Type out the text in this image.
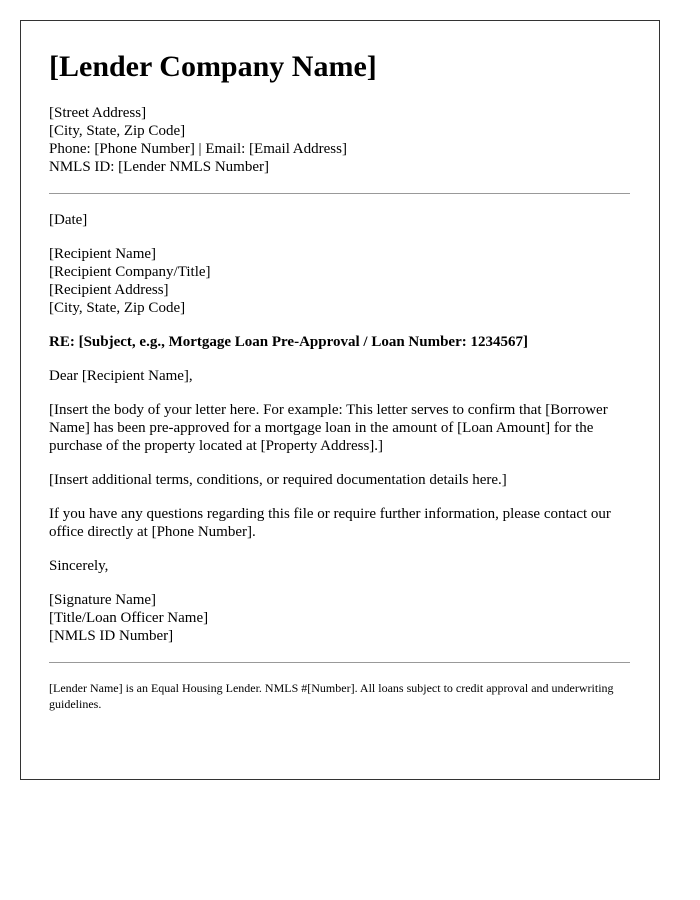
[Lender Company Name]
[Street Address]
[City, State, Zip Code]
Phone: [Phone Number] | Email: [Email Address]
NMLS ID: [Lender NMLS Number]

[Date]

[Recipient Name]
[Recipient Company/Title]
[Recipient Address]
[City, State, Zip Code]

RE: [Subject, e.g., Mortgage Loan Pre-Approval / Loan Number: 1234567]

Dear [Recipient Name],

[Insert the body of your letter here. For example: This letter serves to confirm that [Borrower Name] has been pre-approved for a mortgage loan in the amount of [Loan Amount] for the purchase of the property located at [Property Address].]

[Insert additional terms, conditions, or required documentation details here.]

If you have any questions regarding this file or require further information, please contact our office directly at [Phone Number].

Sincerely,

[Signature Name]
[Title/Loan Officer Name]
[NMLS ID Number]

[Lender Name] is an Equal Housing Lender. NMLS #[Number]. All loans subject to credit approval and underwriting guidelines.
